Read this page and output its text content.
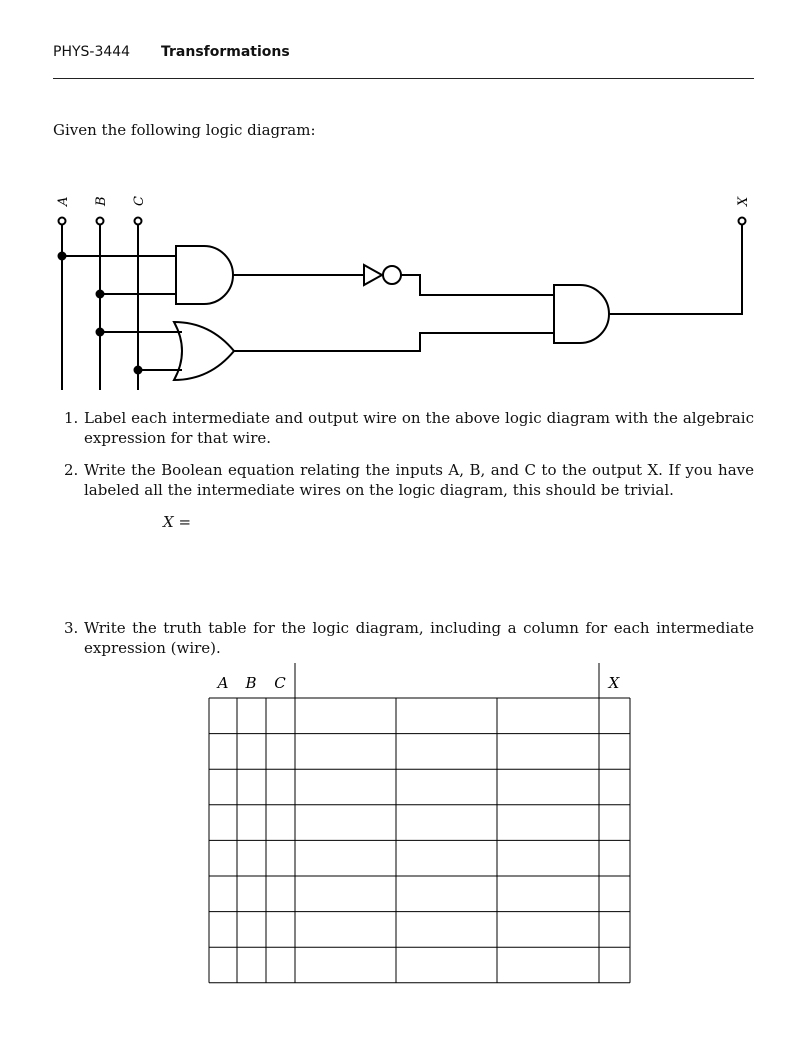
PHYS-3444 Transformations
Given the following logic diagram:
A B C	X
1. Label each intermediate and output wire on the above logic diagram with the algebraic expression for that wire.
2. Write the Boolean equation relating the inputs A, B, and C to the output X. If you have labeled all the intermediate wires on the logic diagram, this should be trivial.
X =
3. Write the truth table for the logic diagram, including a column for each intermediate expression (wire).
A B C	X
